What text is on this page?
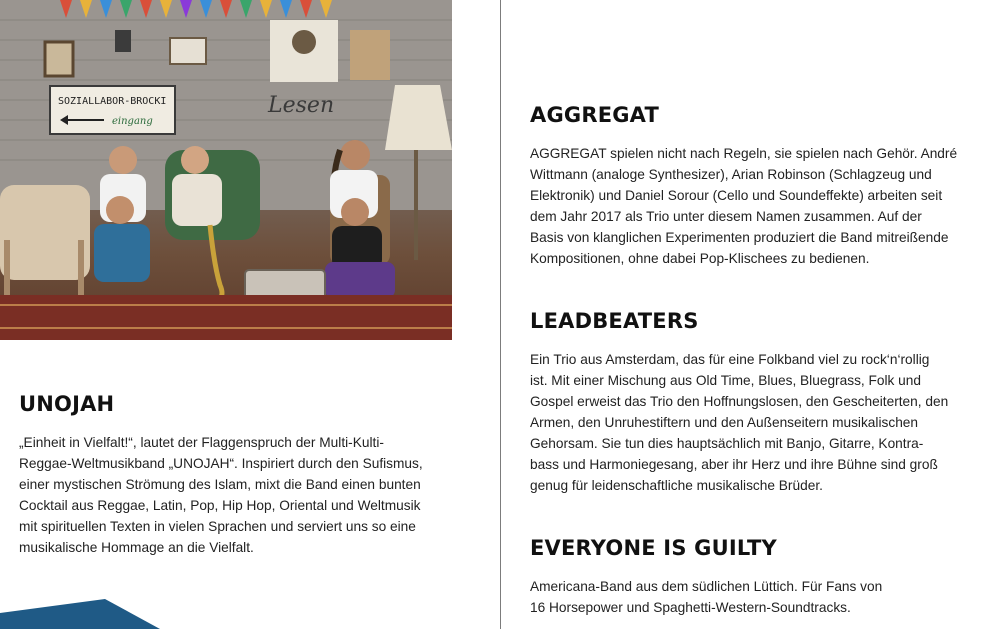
SOZIALLABOR-BROCKI
eingang
Lesen
UNOJAH

„Einheit in Vielfalt!“, lautet der Flaggenspruch der Multi-Kulti-
Reggae-Weltmusikband „UNOJAH“. Inspiriert durch den Sufismus,
einer mystischen Strömung des Islam, mixt die Band einen bunten
Cocktail aus Reggae, Latin, Pop, Hip Hop, Oriental und Weltmusik
mit spirituellen Texten in vielen Sprachen und serviert uns so eine
musikalische Hommage an die Vielfalt.

AGGREGAT

AGGREGAT spielen nicht nach Regeln, sie spielen nach Gehör. André
Wittmann (analoge Synthesizer), Arian Robinson (Schlagzeug und
Elektronik) und Daniel Sorour (Cello und Soundeffekte) arbeiten seit
dem Jahr 2017 als Trio unter diesem Namen zusammen. Auf der
Basis von klanglichen Experimenten produziert die Band mitreißende
Kompositionen, ohne dabei Pop-Klischees zu bedienen.

LEADBEATERS

Ein Trio aus Amsterdam, das für eine Folkband viel zu rock‘n‘rollig
ist. Mit einer Mischung aus Old Time, Blues, Bluegrass, Folk und
Gospel erweist das Trio den Hoffnungslosen, den Gescheiterten, den
Armen, den Unruhestiftern und den Außenseitern musikalischen
Gehorsam. Sie tun dies hauptsächlich mit Banjo, Gitarre, Kontra-
bass und Harmoniegesang, aber ihr Herz und ihre Bühne sind groß
genug für leidenschaftliche musikalische Brüder.

EVERYONE IS GUILTY

Americana-Band aus dem südlichen Lüttich. Für Fans von
16 Horsepower und Spaghetti-Western-Soundtracks.
